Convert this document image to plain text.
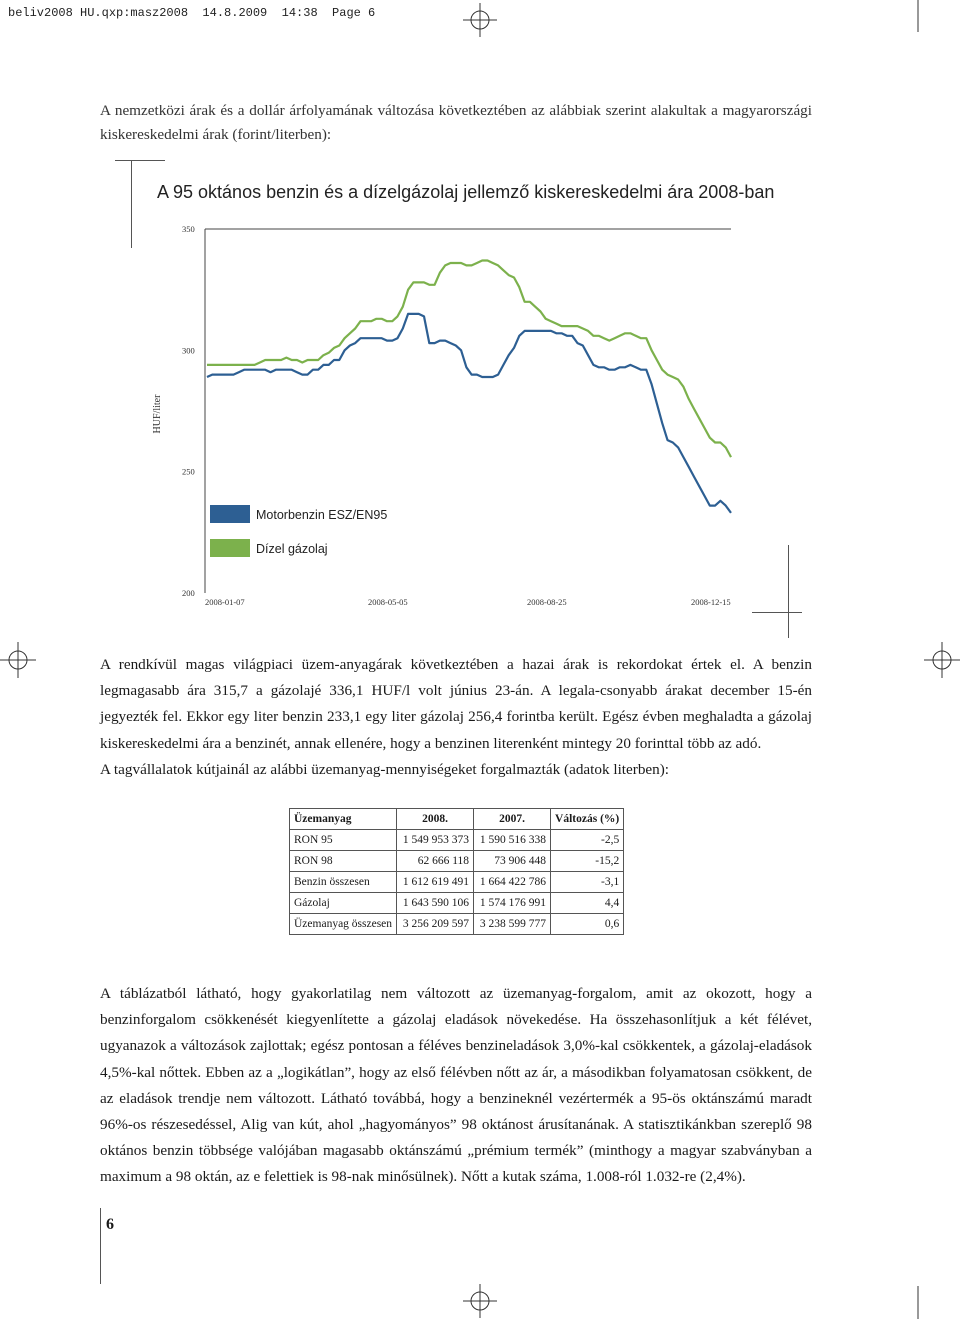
beliv2008 HU.qxp:masz2008  14.8.2009  14:38  Page 6

A nemzetközi árak és a dollár árfolyamának változása következtében az alábbiak szerint alakultak a magyarországi kiskereskedelmi árak (forint/literben):

A 95 oktános benzin és a dízelgázolaj jellemző kiskereskedelmi ára 2008-ban
200
250
300
350
HUF/liter
2008-01-07	2008-05-05	2008-08-25	2008-12-15
Motorbenzin ESZ/EN95
Dízel gázolaj

A rendkívül magas világpiaci üzem-anyagárak következtében a hazai árak is rekordokat értek el. A benzin legmagasabb ára 315,7 a gázolajé 336,1 HUF/l volt június 23-án. A legala-csonyabb árakat december 15-én jegyezték fel. Ekkor egy liter benzin 233,1 egy liter gázolaj 256,4 forintba került. Egész évben meghaladta a gázolaj kiskereskedelmi ára a benzinét, annak ellenére, hogy a benzinen literenként mintegy 20 forinttal több az adó.

A tagvállalatok kútjainál az alábbi üzemanyag-mennyiségeket forgalmazták (adatok literben):

Üzemanyag	2008.	2007.	Változás (%)
RON 95	1 549 953 373	1 590 516 338	-2,5
RON 98	62 666 118	73 906 448	-15,2
Benzin összesen	1 612 619 491	1 664 422 786	-3,1
Gázolaj	1 643 590 106	1 574 176 991	4,4
Üzemanyag összesen	3 256 209 597	3 238 599 777	0,6

A táblázatból látható, hogy gyakorlatilag nem változott az üzemanyag-forgalom, amit az okozott, hogy a benzinforgalom csökkenését kiegyenlítette a gázolaj eladások növekedése. Ha összehasonlítjuk a két félévet, ugyanazok a változások zajlottak; egész pontosan a féléves benzineladások 3,0%-kal csökkentek, a gázolaj-eladások 4,5%-kal nőttek. Ebben az a „logikátlan”, hogy az első félévben nőtt az ár, a másodikban folyamatosan csökkent, de az eladások trendje nem változott. Látható továbbá, hogy a benzineknél vezértermék a 95-ös oktánszámú maradt 96%-os részesedéssel, Alig van kút, ahol „hagyományos” 98 oktánost árusítanának. A statisztikánkban szereplő 98 oktános benzin többsége valójában magasabb oktánszámú „prémium termék” (minthogy a magyar szabványban a maximum a 98 oktán, az e felettiek is 98-nak minősülnek). Nőtt a kutak száma, 1.008-ról 1.032-re (2,4%).

6
